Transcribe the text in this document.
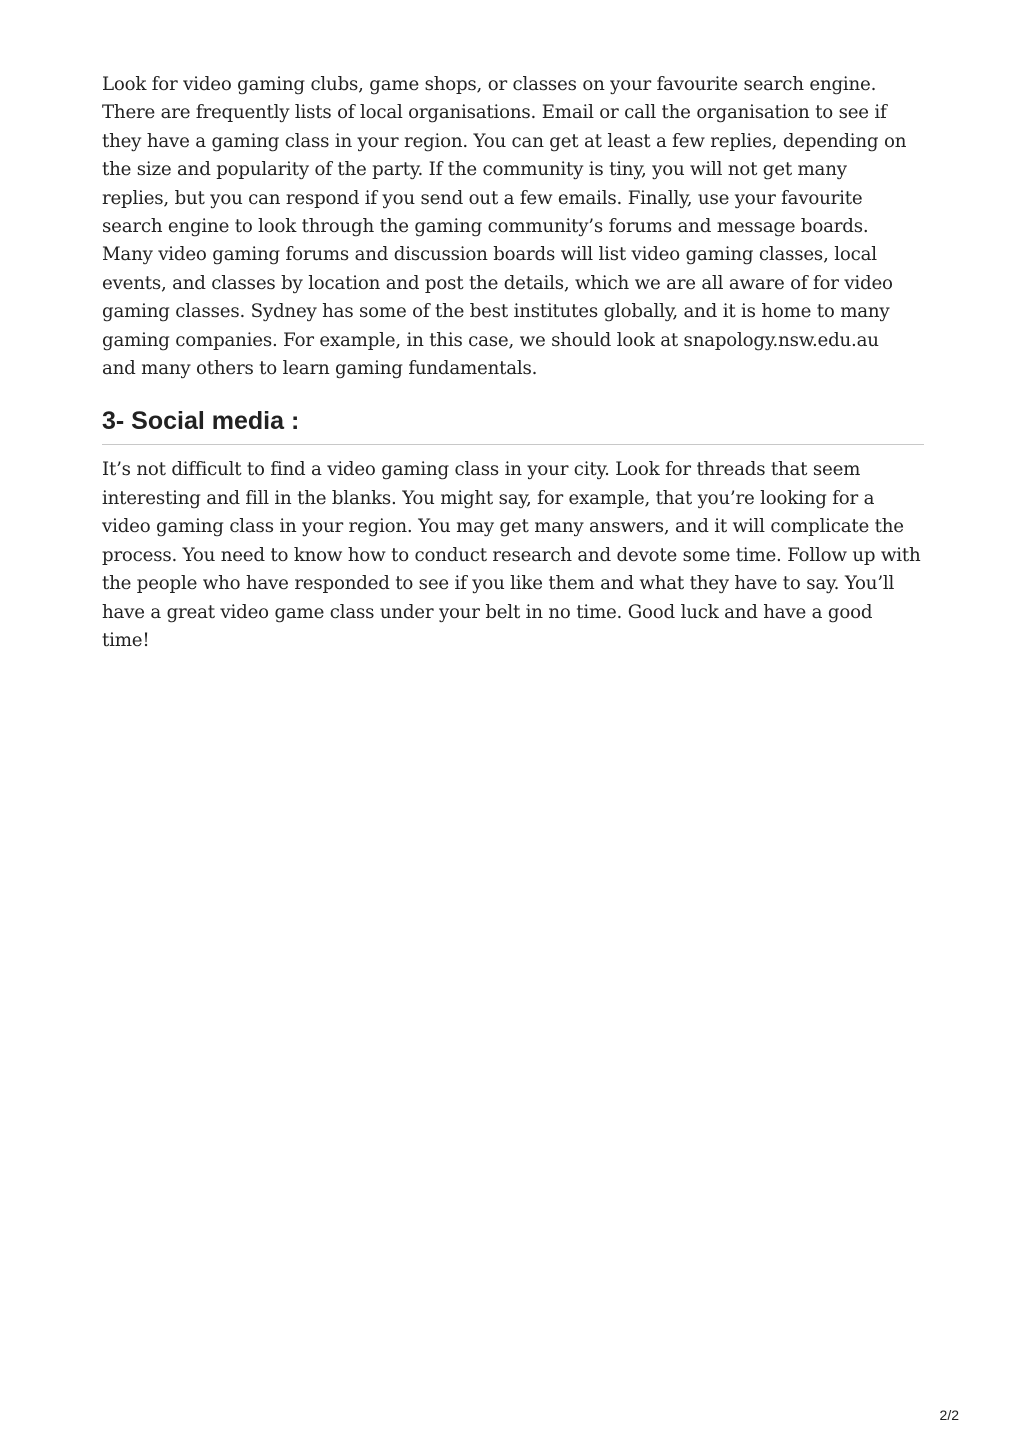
Look for video gaming clubs, game shops, or classes on your favourite search engine.
There are frequently lists of local organisations. Email or call the organisation to see if
they have a gaming class in your region. You can get at least a few replies, depending on
the size and popularity of the party. If the community is tiny, you will not get many
replies, but you can respond if you send out a few emails. Finally, use your favourite
search engine to look through the gaming community’s forums and message boards.
Many video gaming forums and discussion boards will list video gaming classes, local
events, and classes by location and post the details, which we are all aware of for video
gaming classes. Sydney has some of the best institutes globally, and it is home to many
gaming companies. For example, in this case, we should look at snapology.nsw.edu.au
and many others to learn gaming fundamentals.

3- Social media :

It’s not difficult to find a video gaming class in your city. Look for threads that seem
interesting and fill in the blanks. You might say, for example, that you’re looking for a
video gaming class in your region. You may get many answers, and it will complicate the
process. You need to know how to conduct research and devote some time. Follow up with
the people who have responded to see if you like them and what they have to say. You’ll
have a great video game class under your belt in no time. Good luck and have a good time!

2/2
